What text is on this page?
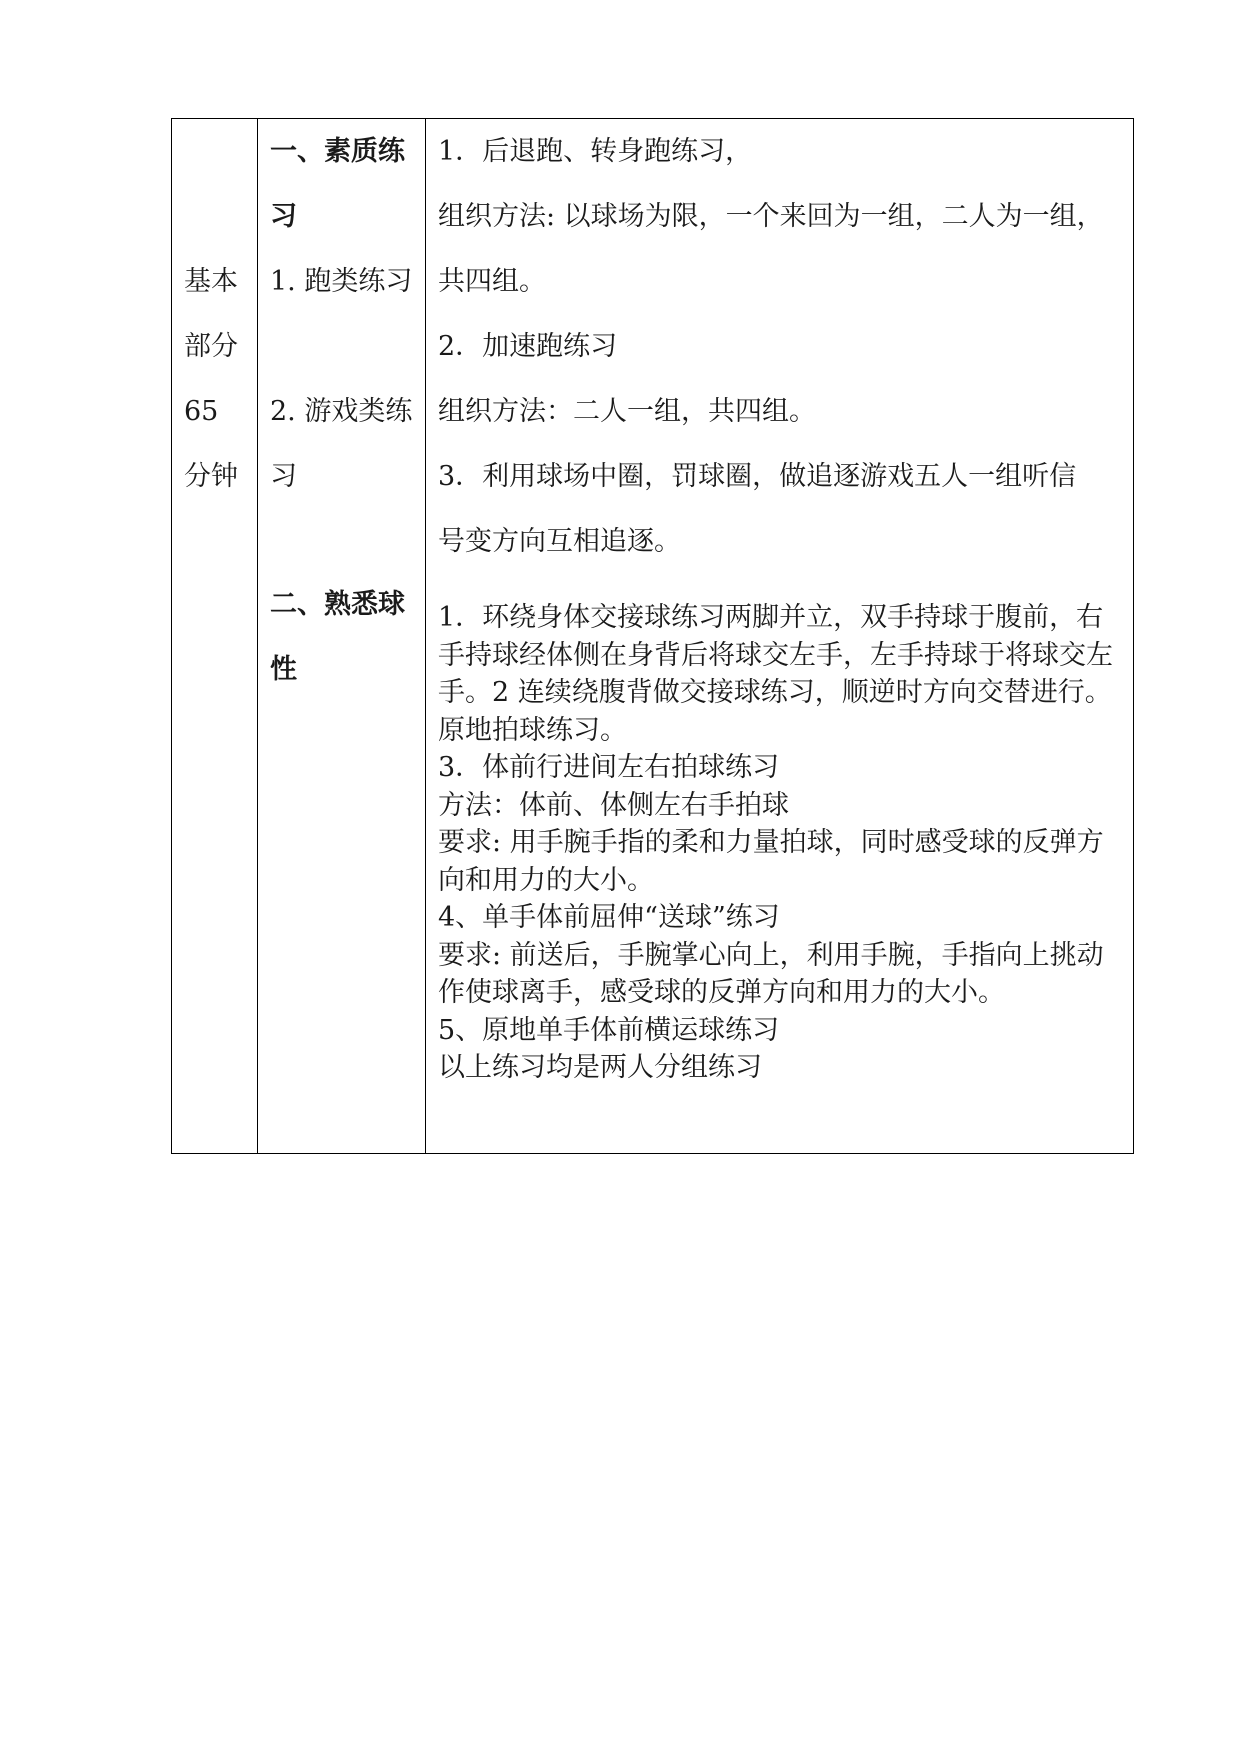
基本
部分
65
分钟
一、素质练
习
1. 跑类练习
2. 游戏类练
习
二、熟悉球
性
1．后退跑、转身跑练习，
组织方法: 以球场为限，一个来回为一组，二人为一组，
共四组。
2．加速跑练习
组织方法：二人一组，共四组。
3．利用球场中圈，罚球圈，做追逐游戏五人一组听信
号变方向互相追逐。

1．环绕身体交接球练习两脚并立，双手持球于腹前，右手持球经体侧在身背后将球交左手，左手持球于将球交左手。2 连续绕腹背做交接球练习，顺逆时方向交替进行。

原地拍球练习。

3．体前行进间左右拍球练习

方法：体前、体侧左右手拍球

要求: 用手腕手指的柔和力量拍球，同时感受球的反弹方向和用力的大小。

4、单手体前屈伸“送球”练习

要求: 前送后，手腕掌心向上，利用手腕，手指向上挑动作使球离手，感受球的反弹方向和用力的大小。

5、原地单手体前横运球练习

以上练习均是两人分组练习
